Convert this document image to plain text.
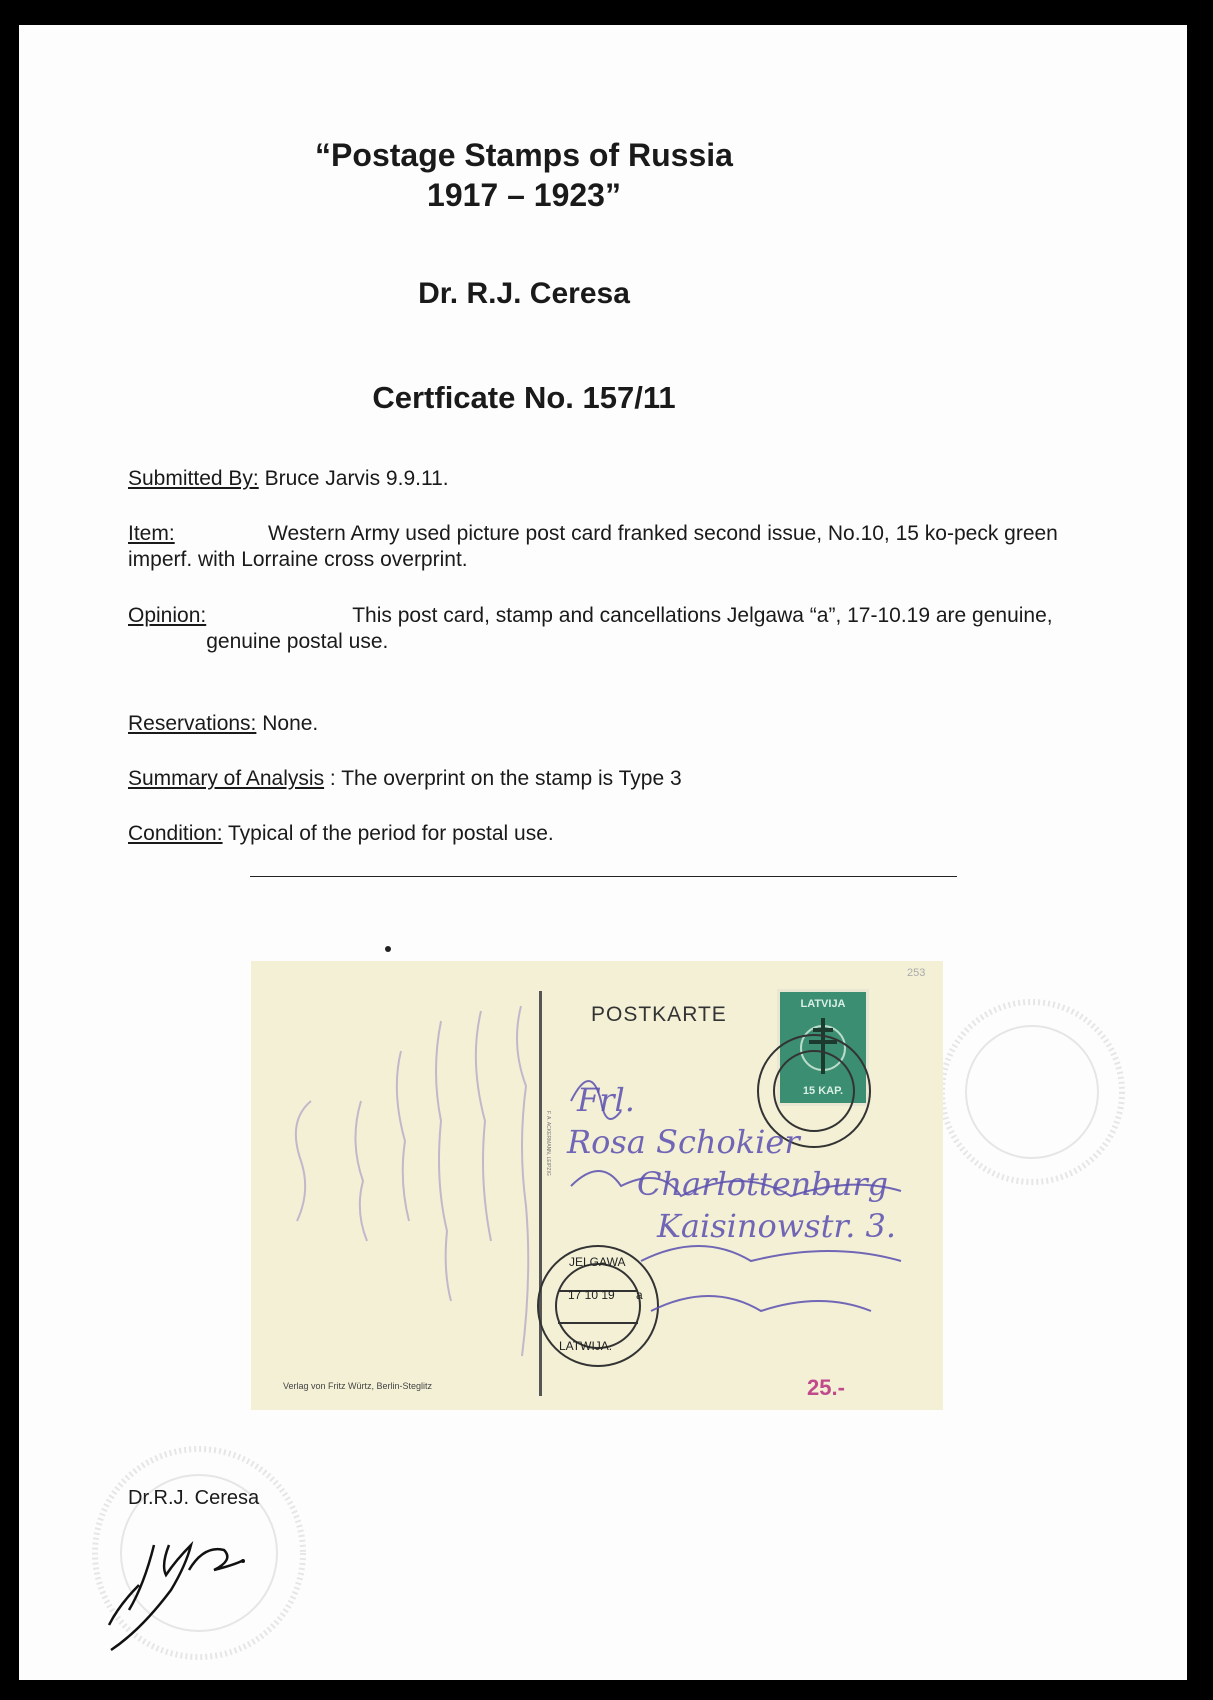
“Postage Stamps of Russia
1917 – 1923”
Dr. R.J. Ceresa
Certficate No. 157/11
Submitted By: Bruce Jarvis 9.9.11.
Item:	Western Army used picture post card franked second issue, No.10, 15 ko-peck green imperf. with Lorraine cross overprint.
Opinion:	This post card, stamp and cancellations Jelgawa “a”, 17-10.19 are genuine, genuine postal use.
Reservations: None.
Summary of Analysis : The overprint on the stamp is Type 3
Condition: Typical of the period for postal use.
F. A. ACKERMANN, LEIPZIG
POSTKARTE
253
LATVIJA
15 KAP.
17 10 19 a
JELGAWA
LATWIJA.
Frl.
Rosa Schokier
Charlottenburg
Kaisinowstr. 3.
25.-
Verlag von Fritz Würtz, Berlin-Steglitz
Dr.R.J. Ceresa
